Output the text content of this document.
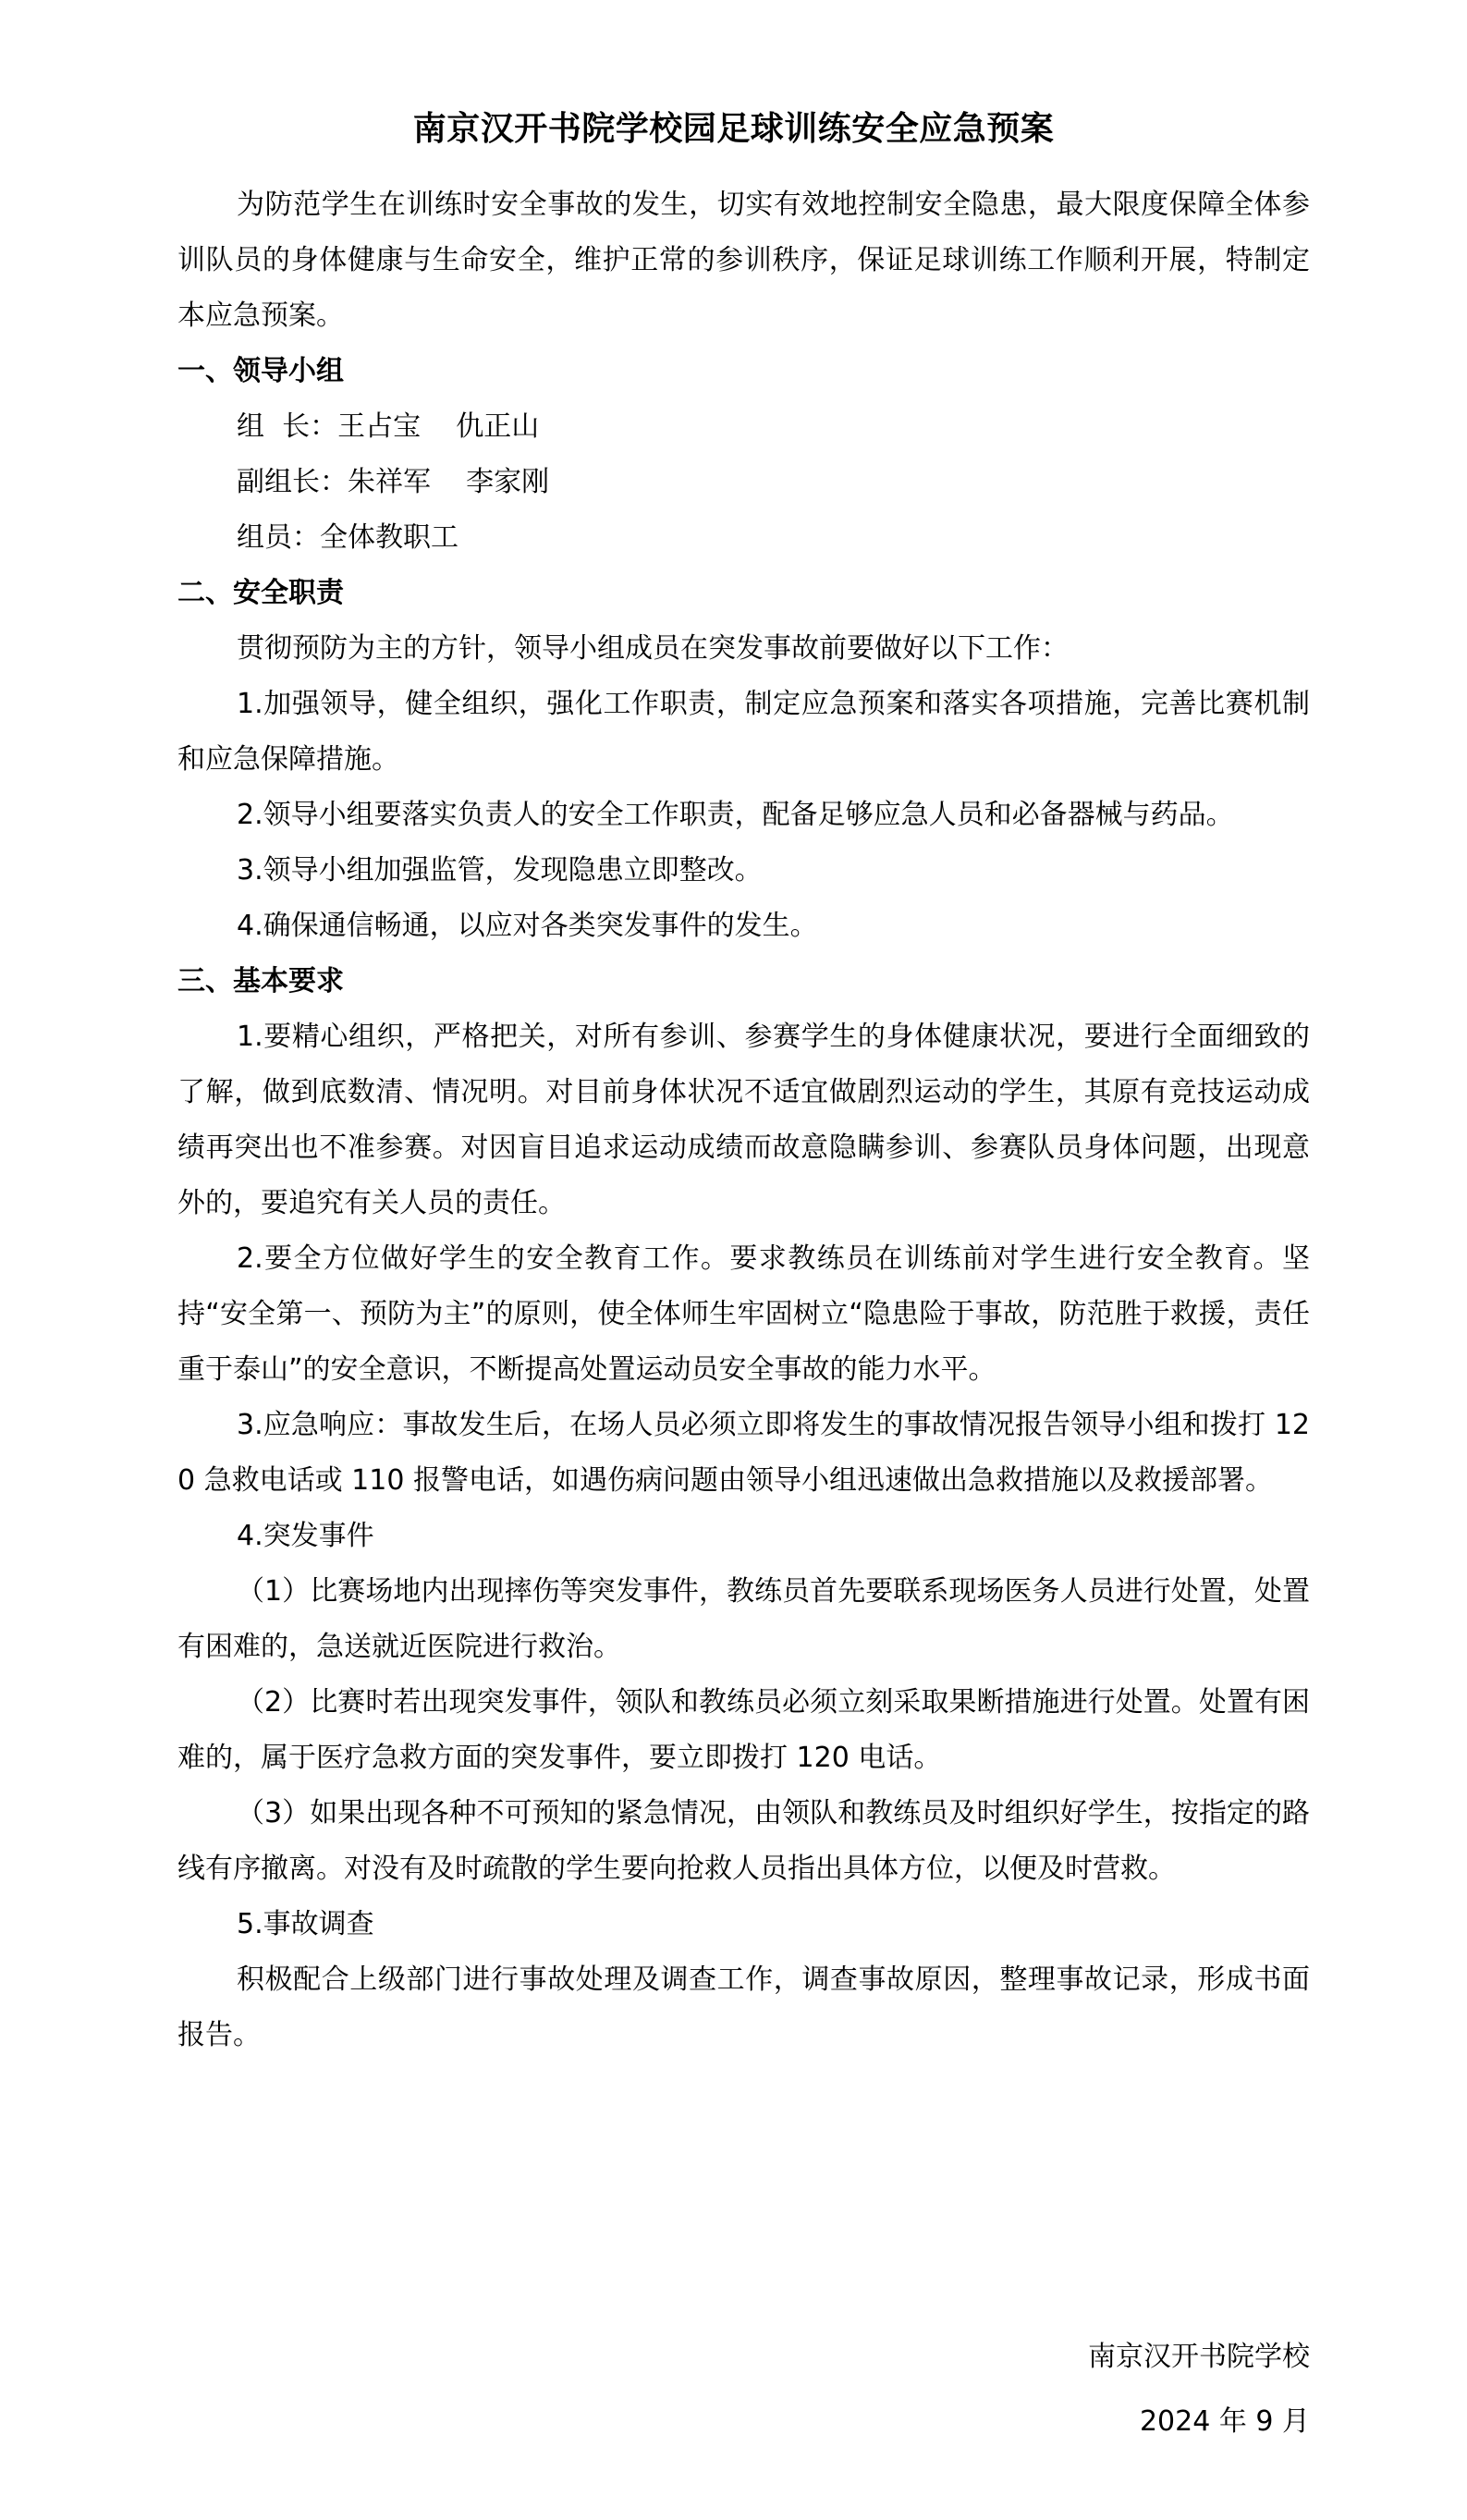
南京汉开书院学校园足球训练安全应急预案

为防范学生在训练时安全事故的发生，切实有效地控制安全隐患，最大限度保障全体参训队员的身体健康与生命安全，维护正常的参训秩序，保证足球训练工作顺利开展，特制定本应急预案。

一、领导小组

组  长：王占宝    仇正山

副组长：朱祥军    李家刚

组员：全体教职工

二、安全职责

贯彻预防为主的方针，领导小组成员在突发事故前要做好以下工作：

1.加强领导，健全组织，强化工作职责，制定应急预案和落实各项措施，完善比赛机制和应急保障措施。

2.领导小组要落实负责人的安全工作职责，配备足够应急人员和必备器械与药品。

3.领导小组加强监管，发现隐患立即整改。

4.确保通信畅通，以应对各类突发事件的发生。

三、基本要求

1.要精心组织，严格把关，对所有参训、参赛学生的身体健康状况，要进行全面细致的了解，做到底数清、情况明。对目前身体状况不适宜做剧烈运动的学生，其原有竞技运动成绩再突出也不准参赛。对因盲目追求运动成绩而故意隐瞒参训、参赛队员身体问题，出现意外的，要追究有关人员的责任。

2.要全方位做好学生的安全教育工作。要求教练员在训练前对学生进行安全教育。坚持“安全第一、预防为主”的原则，使全体师生牢固树立“隐患险于事故，防范胜于救援，责任重于泰山”的安全意识，不断提高处置运动员安全事故的能力水平。

3.应急响应：事故发生后，在场人员必须立即将发生的事故情况报告领导小组和拨打 120 急救电话或 110 报警电话，如遇伤病问题由领导小组迅速做出急救措施以及救援部署。

4.突发事件

（1）比赛场地内出现摔伤等突发事件，教练员首先要联系现场医务人员进行处置，处置有困难的，急送就近医院进行救治。

（2）比赛时若出现突发事件，领队和教练员必须立刻采取果断措施进行处置。处置有困难的，属于医疗急救方面的突发事件，要立即拨打 120 电话。

（3）如果出现各种不可预知的紧急情况，由领队和教练员及时组织好学生，按指定的路线有序撤离。对没有及时疏散的学生要向抢救人员指出具体方位，以便及时营救。

5.事故调查

积极配合上级部门进行事故处理及调查工作，调查事故原因，整理事故记录，形成书面报告。

南京汉开书院学校

2024 年 9 月
